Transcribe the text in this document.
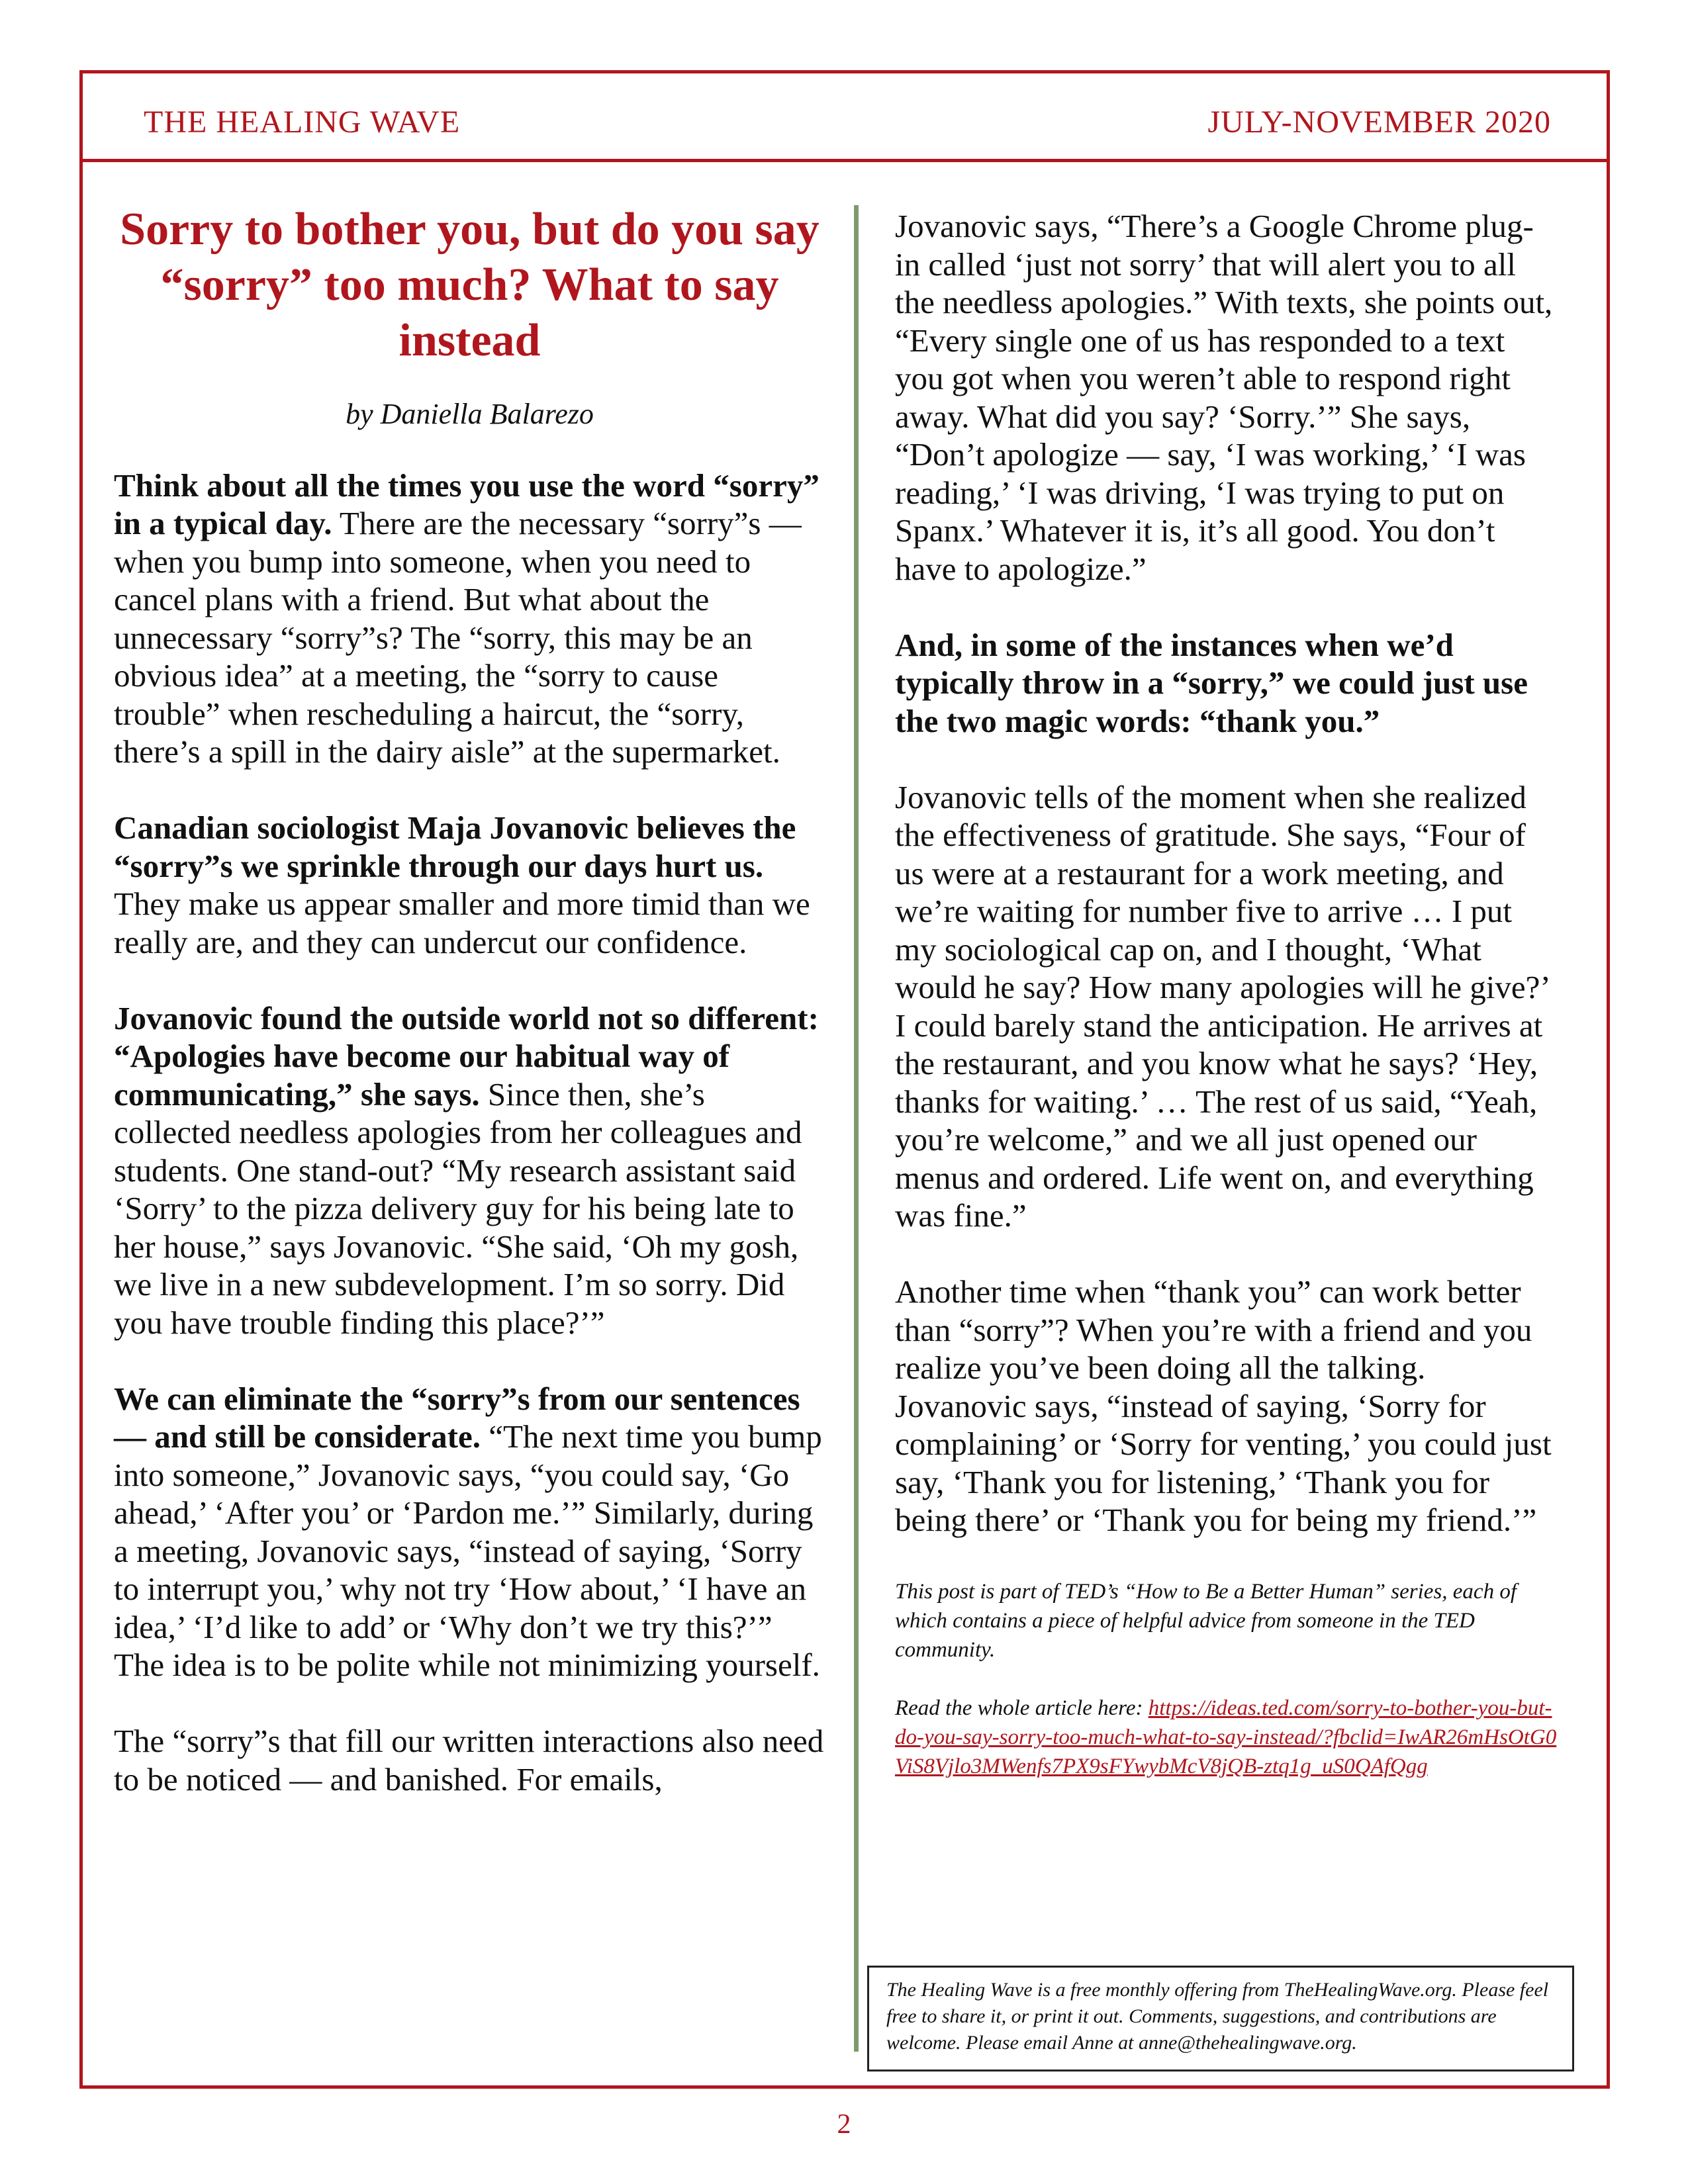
THE HEALING WAVE	JULY-NOVEMBER 2020
Sorry to bother you, but do you say “sorry” too much? What to say instead
by Daniella Balarezo

Think about all the times you use the word “sorry” in a typical day. There are the necessary “sorry”s — when you bump into someone, when you need to cancel plans with a friend. But what about the unnecessary “sorry”s? The “sorry, this may be an obvious idea” at a meeting, the “sorry to cause trouble” when rescheduling a haircut, the “sorry, there’s a spill in the dairy aisle” at the supermarket.

Canadian sociologist Maja Jovanovic believes the “sorry”s we sprinkle through our days hurt us. They make us appear smaller and more timid than we really are, and they can undercut our confidence.

Jovanovic found the outside world not so different: “Apologies have become our habitual way of communicating,” she says. Since then, she’s collected needless apologies from her colleagues and students. One stand-out? “My research assistant said ‘Sorry’ to the pizza delivery guy for his being late to her house,” says Jovanovic. “She said, ‘Oh my gosh, we live in a new subdevelopment. I’m so sorry. Did you have trouble finding this place?’”

We can eliminate the “sorry”s from our sentences — and still be considerate. “The next time you bump into someone,” Jovanovic says, “you could say, ‘Go ahead,’ ‘After you’ or ‘Pardon me.’” Similarly, during a meeting, Jovanovic says, “instead of saying, ‘Sorry to interrupt you,’ why not try ‘How about,’ ‘I have an idea,’ ‘I’d like to add’ or ‘Why don’t we try this?’” The idea is to be polite while not minimizing yourself.

The “sorry”s that fill our written interactions also need to be noticed — and banished. For emails,

Jovanovic says, “There’s a Google Chrome plug-in called ‘just not sorry’ that will alert you to all the needless apologies.” With texts, she points out, “Every single one of us has responded to a text you got when you weren’t able to respond right away. What did you say? ‘Sorry.’” She says, “Don’t apologize — say, ‘I was working,’ ‘I was reading,’ ‘I was driving, ‘I was trying to put on Spanx.’ Whatever it is, it’s all good. You don’t have to apologize.”

And, in some of the instances when we’d typically throw in a “sorry,” we could just use the two magic words: “thank you.”

Jovanovic tells of the moment when she realized the effectiveness of gratitude. She says, “Four of us were at a restaurant for a work meeting, and we’re waiting for number five to arrive … I put my sociological cap on, and I thought, ‘What would he say? How many apologies will he give?’ I could barely stand the anticipation. He arrives at the restaurant, and you know what he says? ‘Hey, thanks for waiting.’ … The rest of us said, “Yeah, you’re welcome,” and we all just opened our menus and ordered. Life went on, and everything was fine.”

Another time when “thank you” can work better than “sorry”? When you’re with a friend and you realize you’ve been doing all the talking. Jovanovic says, “instead of saying, ‘Sorry for complaining’ or ‘Sorry for venting,’ you could just say, ‘Thank you for listening,’ ‘Thank you for being there’ or ‘Thank you for being my friend.’”

This post is part of TED’s “How to Be a Better Human” series, each of which contains a piece of helpful advice from someone in the TED community.
Read the whole article here: https://ideas.ted.com/sorry-to-bother-you-but-do-you-say-sorry-too-much-what-to-say-instead/?fbclid=IwAR26mHsOtG0ViS8Vjlo3MWenfs7PX9sFYwybMcV8jQB-ztq1g_uS0QAfQgg
The Healing Wave is a free monthly offering from TheHealingWave.org. Please feel free to share it, or print it out. Comments, suggestions, and contributions are welcome. Please email Anne at anne@thehealingwave.org.
2
